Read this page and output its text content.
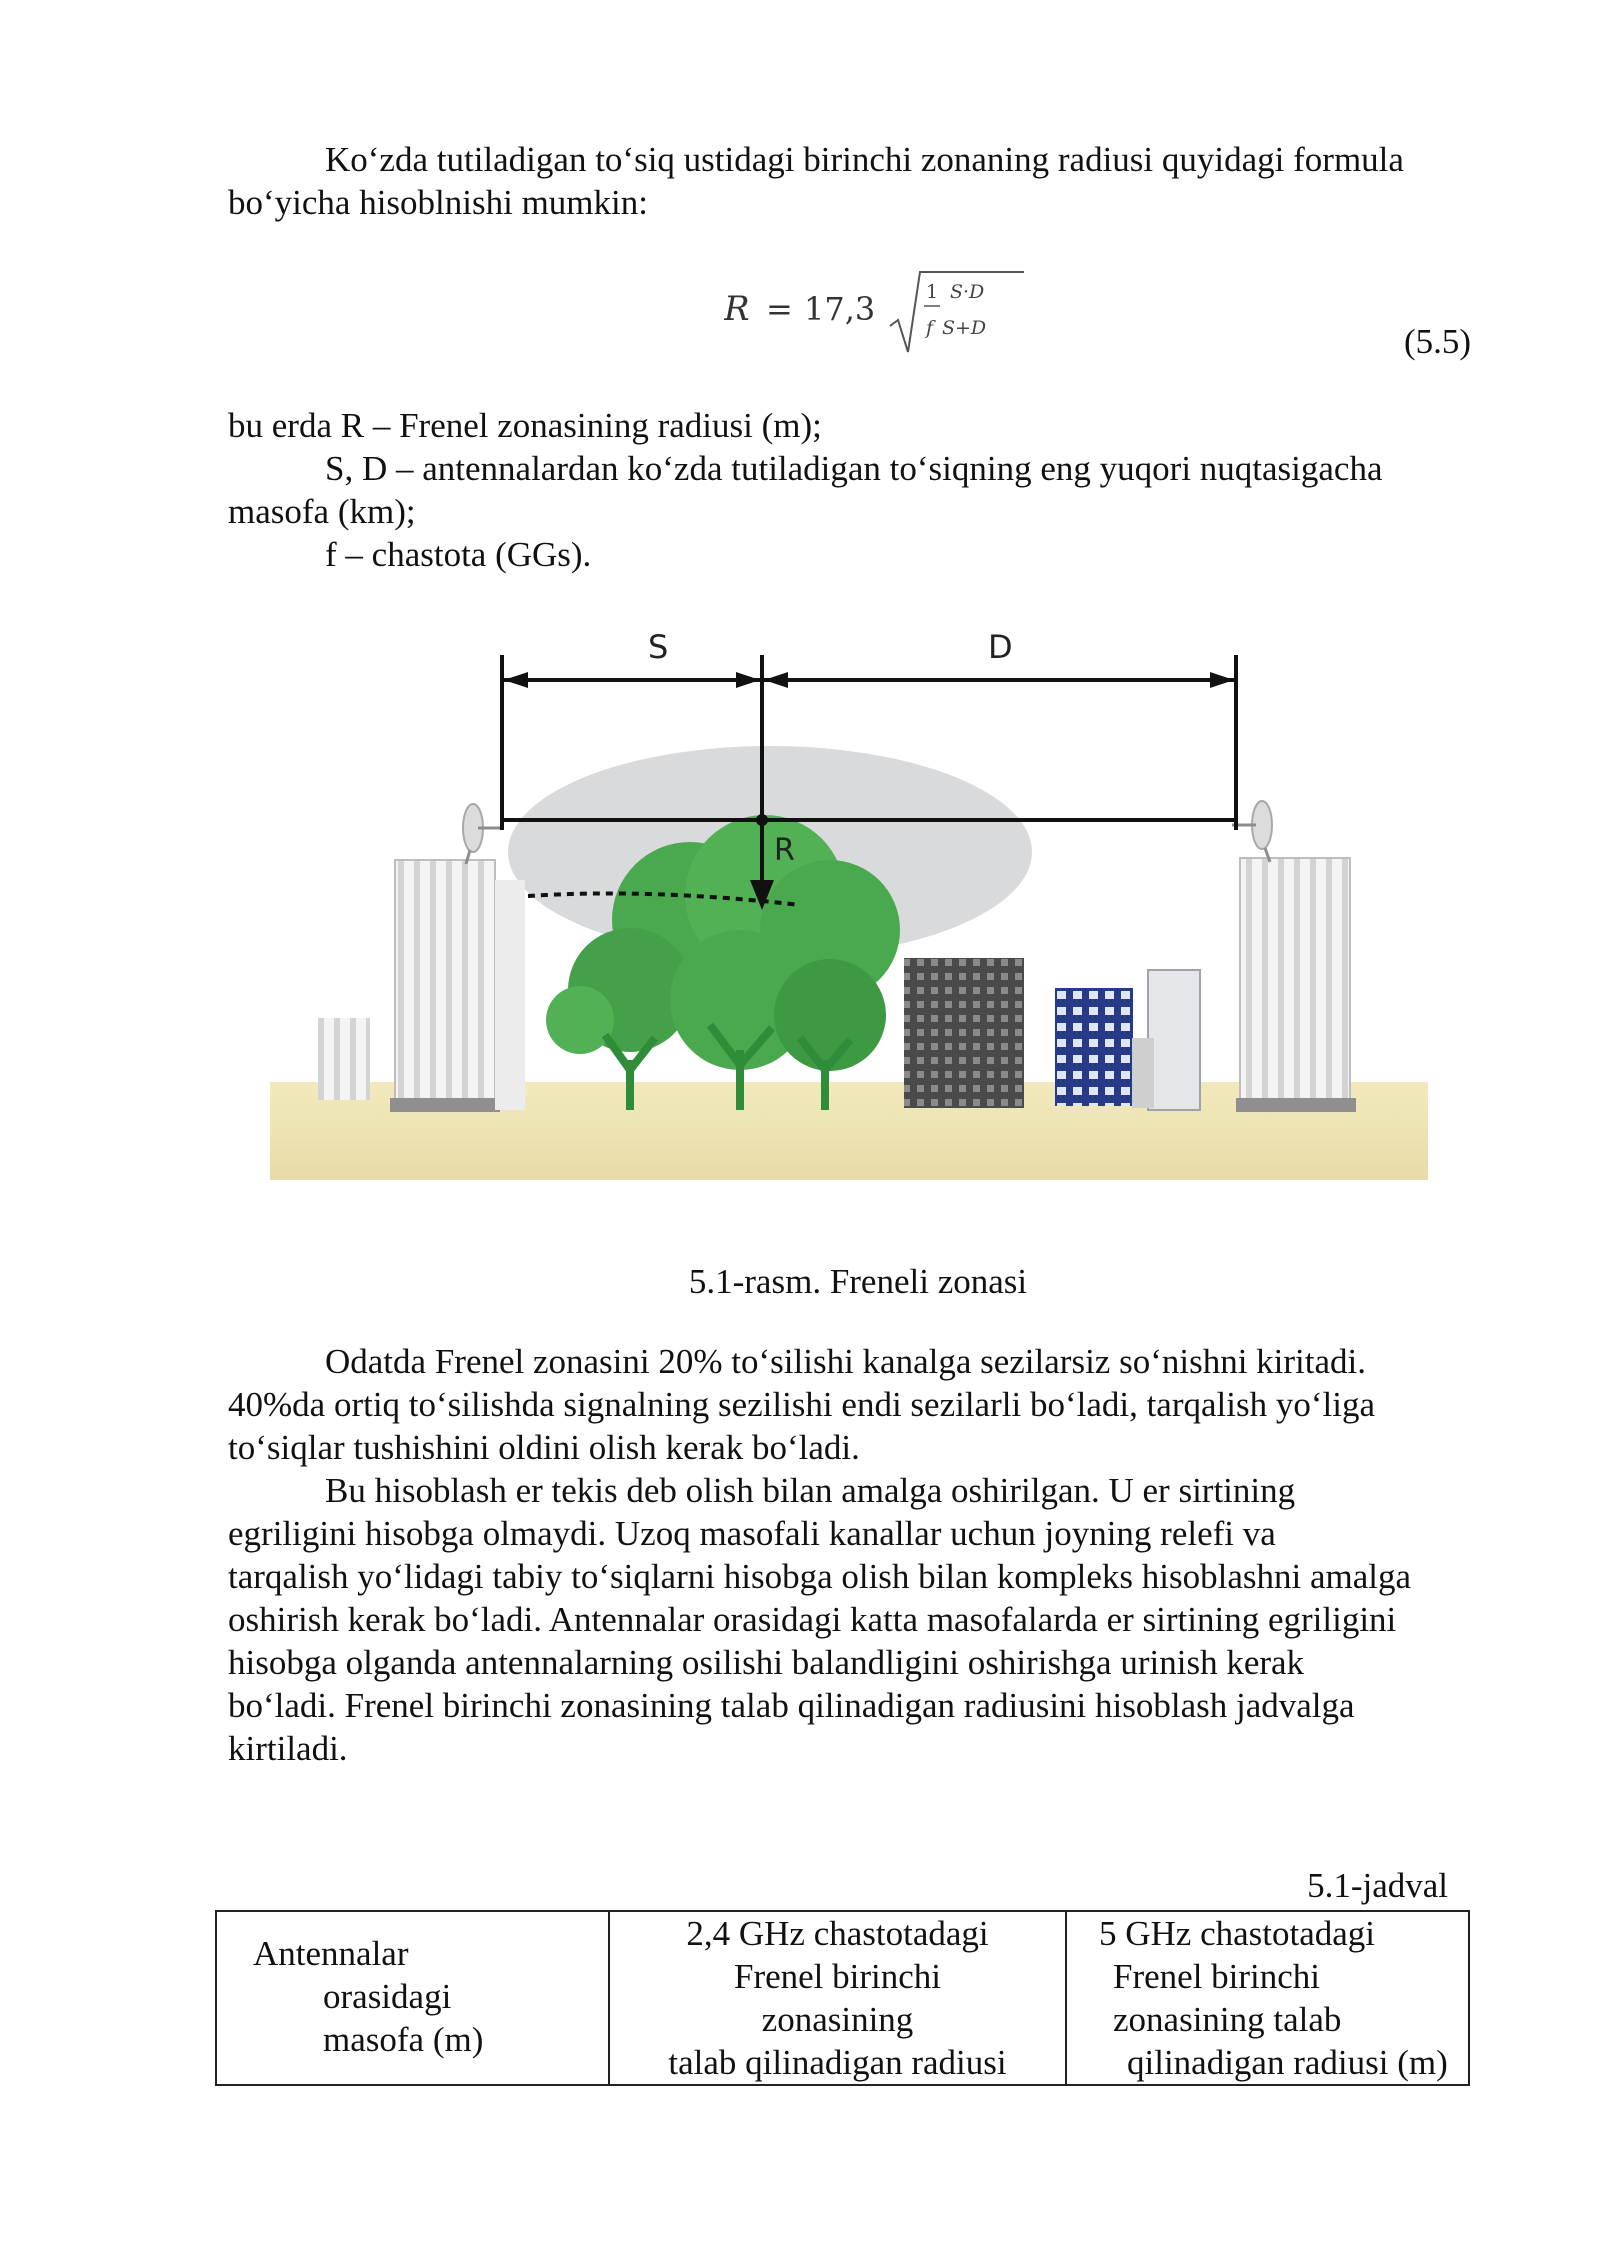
Ko‘zda tutiladigan to‘siq ustidagi birinchi zonaning radiusi quyidagi formula
bo‘yicha hisoblnishi mumkin:

R = 17,3	1
f
S·D
S+D	(5.5)

bu erda R – Frenel zonasining radiusi (m);
S, D – antennalardan ko‘zda tutiladigan to‘siqning eng yuqori nuqtasigacha
masofa (km);
f – chastota (GGs).

S	D
R
5.1-rasm. Freneli zonasi

Odatda Frenel zonasini 20% to‘silishi kanalga sezilarsiz so‘nishni kiritadi.
40%da ortiq to‘silishda signalning sezilishi endi sezilarli bo‘ladi, tarqalish yo‘liga
to‘siqlar tushishini oldini olish kerak bo‘ladi.

Bu hisoblash er tekis deb olish bilan amalga oshirilgan. U er sirtining
egriligini hisobga olmaydi. Uzoq masofali kanallar uchun joyning relefi va
tarqalish yo‘lidagi tabiy to‘siqlarni hisobga olish bilan kompleks hisoblashni amalga
oshirish kerak bo‘ladi. Antennalar orasidagi katta masofalarda er sirtining egriligini
hisobga olganda antennalarning osilishi balandligini oshirishga urinish kerak
bo‘ladi. Frenel birinchi zonasining talab qilinadigan radiusini hisoblash jadvalga
kirtiladi.

5.1-jadval
Antennalar
orasidagi
masofa (m)

2,4 GHz chastotadagi
Frenel birinchi
zonasining
talab qilinadigan radiusi

5 GHz chastotadagi
Frenel birinchi
zonasining talab
qilinadigan radiusi (m)
